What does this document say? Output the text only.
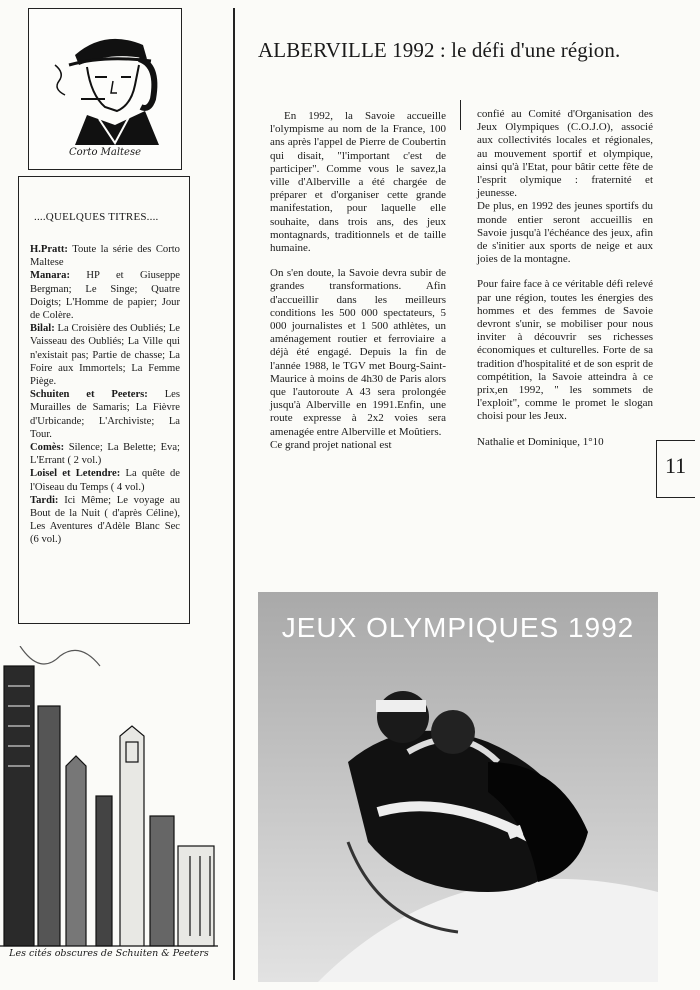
Corto Maltese
....QUELQUES TITRES....

H.Pratt: Toute la série des Corto Maltese

Manara: HP et Giuseppe Bergman; Le Singe; Quatre Doigts; L'Homme de papier; Jour de Colère.

Bilal: La Croisière des Oubliés; Le Vaisseau des Oubliés; La Ville qui n'existait pas; Partie de chasse; La Foire aux Immortels; La Femme Piège.

Schuiten et Peeters: Les Murailles de Samaris; La Fièvre d'Urbicande; L'Archiviste; La Tour.

Comès: Silence; La Belette; Eva; L'Errant ( 2 vol.)

Loisel et Letendre: La quête de l'Oiseau du Temps ( 4 vol.)

Tardi: Ici Même; Le voyage au Bout de la Nuit ( d'après Céline), Les Aventures d'Adèle Blanc Sec (6 vol.)

Les cités obscures de Schuiten & Peeters
ALBERVILLE 1992 : le défi d'une région.

En 1992, la Savoie accueille l'olympisme au nom de la France, 100 ans après l'appel de Pierre de Coubertin qui disait, "l'important c'est de participer". Comme vous le savez,la ville d'Alberville a été chargée de préparer et d'organiser cette grande manifestation, pour laquelle elle souhaite, dans trois ans, des jeux montagnards, traditionnels et de taille humaine.

On s'en doute, la Savoie devra subir de grandes transformations. Afin d'accueillir dans les meilleurs conditions les 500 000 spectateurs, 5 000 journalistes et 1 500 athlètes, un aménagement routier et ferroviaire a déjà été engagé. Depuis la fin de l'année 1988, le TGV met Bourg-Saint-Maurice à moins de 4h30 de Paris alors que l'autoroute A 43 sera prolongée jusqu'à Alberville en 1991.Enfin, une route expresse à 2x2 voies sera amenagée entre Alberville et Moûtiers.

Ce grand projet national est

confié au Comité d'Organisation des Jeux Olympiques (C.O.J.O), associé aux collectivités locales et régionales, au mouvement sportif et olympique, ainsi qu'à l'Etat, pour bâtir cette fête de l'esprit olymique : fraternité et jeunesse.

De plus, en 1992 des jeunes sportifs du monde entier seront accueillis en Savoie jusqu'à l'échéance des jeux, afin de s'initier aux sports de neige et aux joies de la montagne.

Pour faire face à ce véritable défi relevé par une région, toutes les énergies des hommes et des femmes de Savoie devront s'unir, se mobiliser pour nous inviter à découvrir ses richesses économiques et culturelles. Forte de sa tradition d'hospitalité et de son esprit de compétition, la Savoie atteindra à ce prix,en 1992, " les sommets de l'exploit", comme le promet le slogan choisi pour les Jeux.

Nathalie et Dominique, 1°10

11
JEUX OLYMPIQUES 1992
